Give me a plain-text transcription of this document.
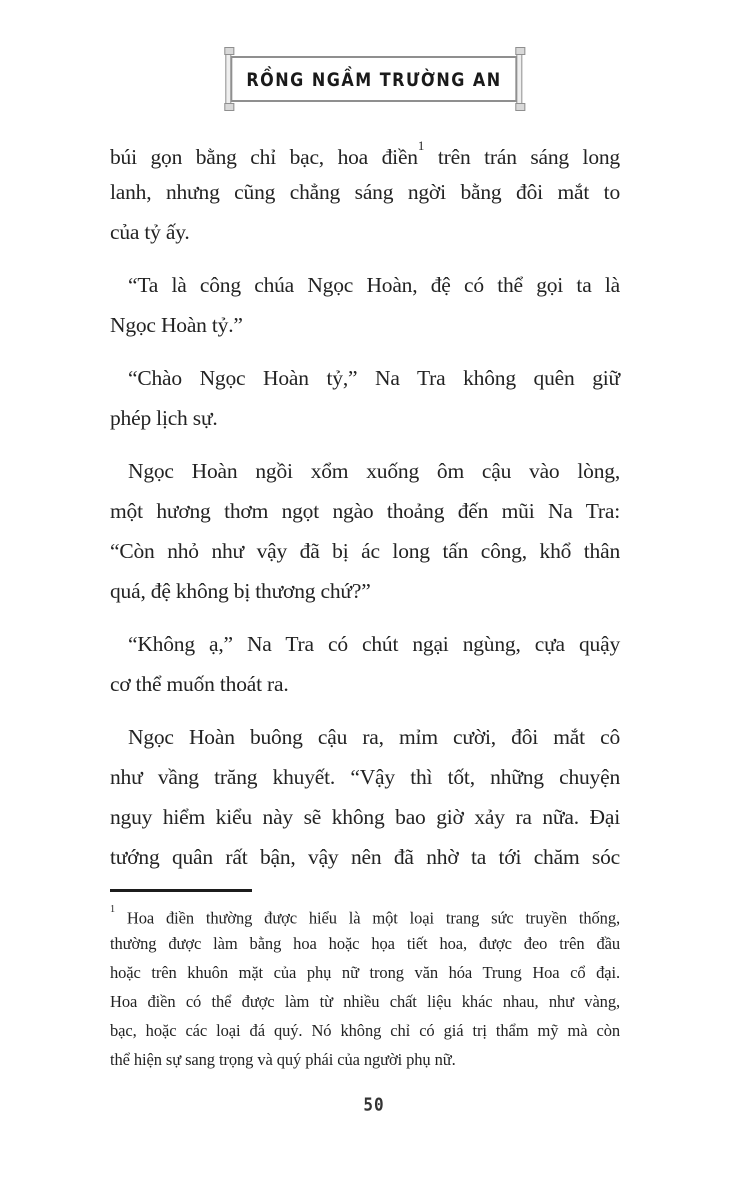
RỒNG NGẦM TRƯỜNG AN
búi gọn bằng chỉ bạc, hoa điền$^1$ trên trán sáng long
lanh, nhưng cũng chẳng sáng ngời bằng đôi mắt to
của tỷ ấy.
“Ta là công chúa Ngọc Hoàn, đệ có thể gọi ta là
Ngọc Hoàn tỷ.”
“Chào Ngọc Hoàn tỷ,” Na Tra không quên giữ
phép lịch sự.
Ngọc Hoàn ngồi xổm xuống ôm cậu vào lòng,
một hương thơm ngọt ngào thoảng đến mũi Na Tra:
“Còn nhỏ như vậy đã bị ác long tấn công, khổ thân
quá, đệ không bị thương chứ?”
“Không ạ,” Na Tra có chút ngại ngùng, cựa quậy
cơ thể muốn thoát ra.
Ngọc Hoàn buông cậu ra, mỉm cười, đôi mắt cô
như vầng trăng khuyết. “Vậy thì tốt, những chuyện
nguy hiểm kiểu này sẽ không bao giờ xảy ra nữa. Đại
tướng quân rất bận, vậy nên đã nhờ ta tới chăm sóc
$^1$ Hoa điền thường được hiểu là một loại trang sức truyền thống,
thường được làm bằng hoa hoặc họa tiết hoa, được đeo trên đầu
hoặc trên khuôn mặt của phụ nữ trong văn hóa Trung Hoa cổ đại.
Hoa điền có thể được làm từ nhiều chất liệu khác nhau, như vàng,
bạc, hoặc các loại đá quý. Nó không chỉ có giá trị thẩm mỹ mà còn
thể hiện sự sang trọng và quý phái của người phụ nữ.
50
